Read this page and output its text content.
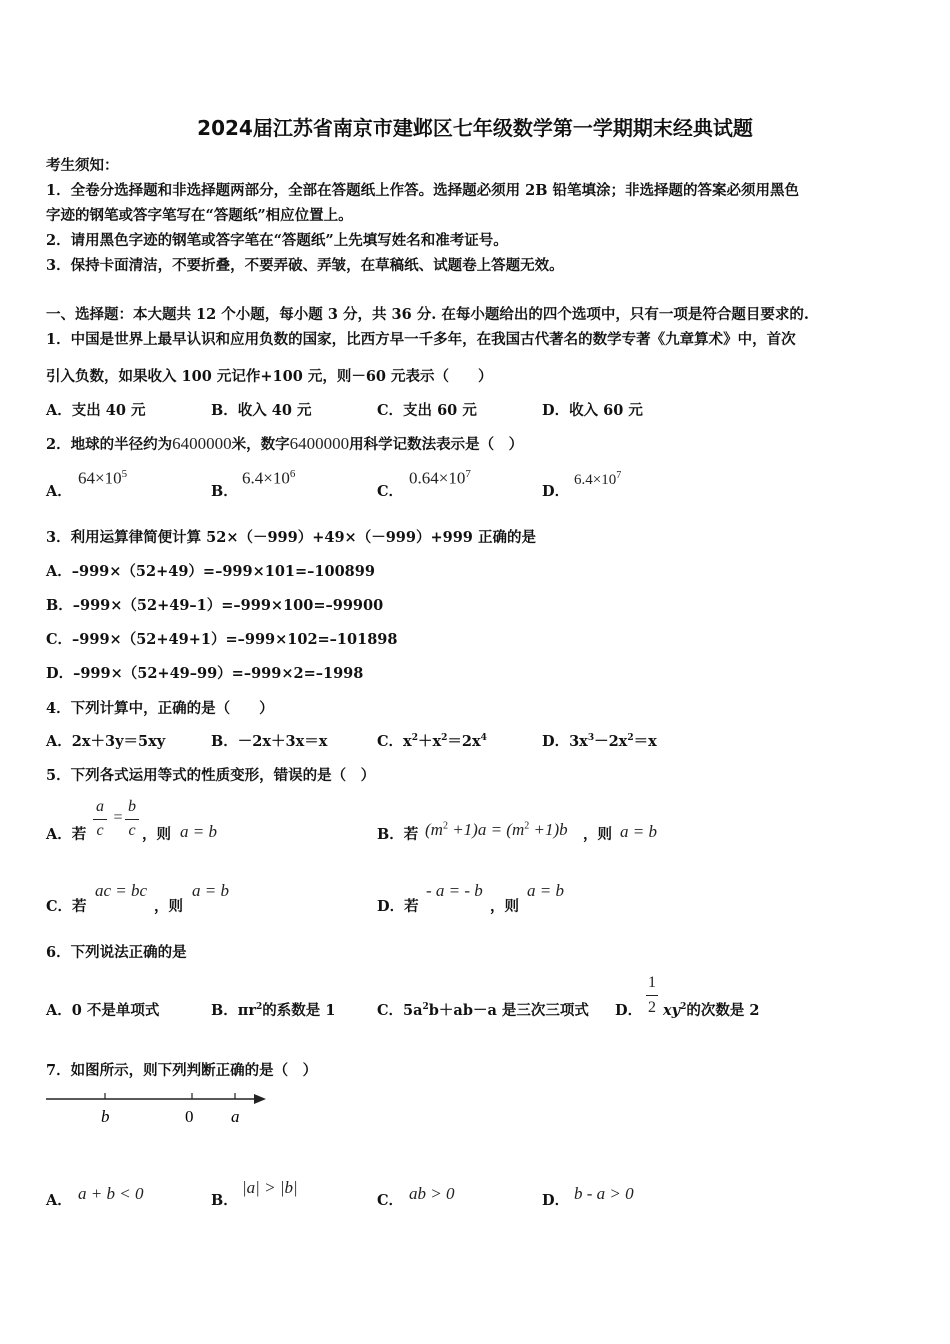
2024届江苏省南京市建邺区七年级数学第一学期期末经典试题
考生须知：
1．全卷分选择题和非选择题两部分，全部在答题纸上作答。选择题必须用 2B 铅笔填涂；非选择题的答案必须用黑色
字迹的钢笔或答字笔写在“答题纸”相应位置上。
2．请用黑色字迹的钢笔或答字笔在“答题纸”上先填写姓名和准考证号。
3．保持卡面清洁，不要折叠，不要弄破、弄皱，在草稿纸、试题卷上答题无效。
一、选择题：本大题共 12 个小题，每小题 3 分，共 36 分. 在每小题给出的四个选项中，只有一项是符合题目要求的.
1．中国是世界上最早认识和应用负数的国家，比西方早一千多年，在我国古代著名的数学专著《九章算术》中，首次
引入负数，如果收入 100 元记作+100 元，则－60 元表示（　　）
A．支出 40 元	B．收入 40 元	C．支出 60 元	D．收入 60 元
2．地球的半径约为6400000米，数字6400000用科学记数法表示是（　）
A．
$64\times 10^5$
B．
$6.4\times 10^6$
C．
$0.64\times 10^7$
D．
$6.4\times 10^7$
3．利用运算律简便计算 52×（－999）+49×（－999）+999 正确的是
A．–999×（52+49）=–999×101=–100899
B．–999×（52+49–1）=–999×100=–99900
C．–999×（52+49+1）=–999×102=–101898
D．–999×（52+49–99）=–999×2=–1998
4．下列计算中，正确的是（　　）
A．2x＋3y＝5xy	B．－2x＋3x＝x	C．$x^2+x^2=2x^4$	D．$3x^3-2x^2=x$
5．下列各式运用等式的性质变形，错误的是（　）
A．若
a
c
=
b
c ，则 a = b	B．若 $(m^2 +1)a = (m^2 +1)b$ ，则 a = b
C．若
ac = bc
，则
a = b
D．若
- a = - b
，则
a = b
6．下列说法正确的是
A．0 不是单项式	B．$\pi r^2$的系数是 1	C．$5a^2b+ab-a$ 是三次三项式 D．
1
2 $xy^2$的次数是 2
7．如图所示，则下列判断正确的是（　）
b	0 a
A． a + b < 0	B．
|a| > |b|
C． ab > 0	D． b - a > 0
